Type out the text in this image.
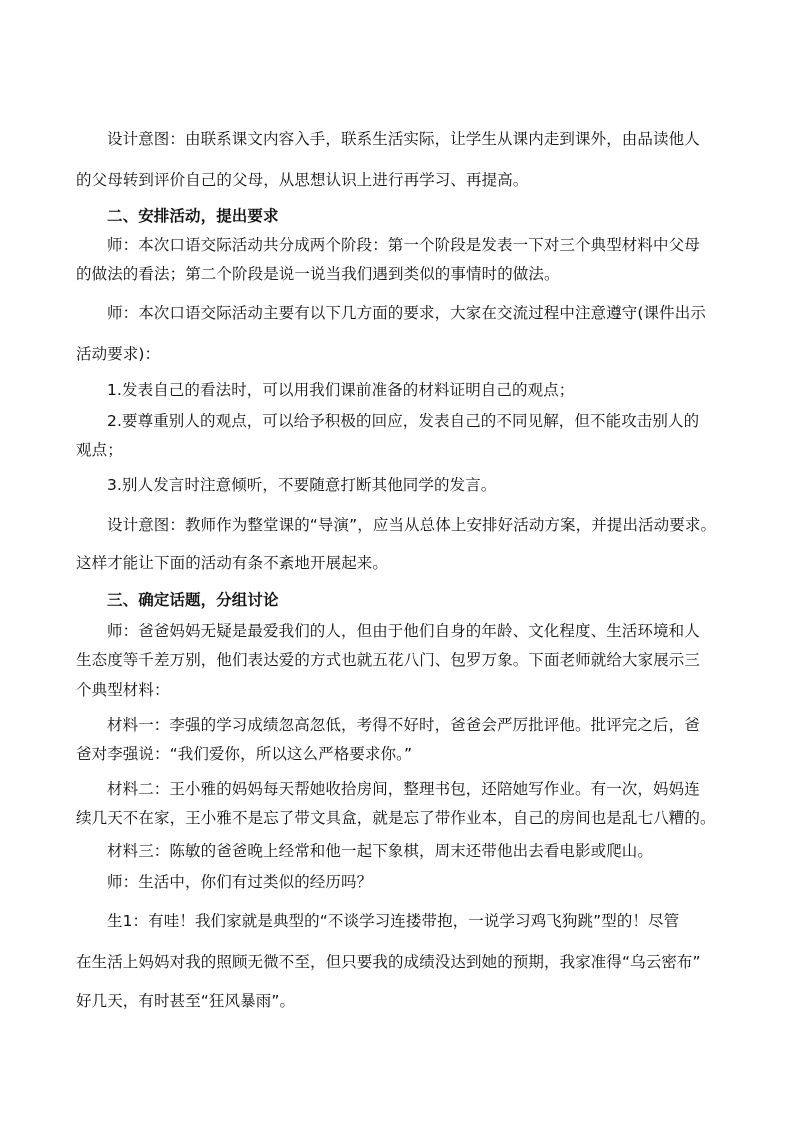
设计意图：由联系课文内容入手，联系生活实际，让学生从课内走到课外，由品读他人
的父母转到评价自己的父母，从思想认识上进行再学习、再提高。
二、安排活动，提出要求
师：本次口语交际活动共分成两个阶段：第一个阶段是发表一下对三个典型材料中父母
的做法的看法；第二个阶段是说一说当我们遇到类似的事情时的做法。
师：本次口语交际活动主要有以下几方面的要求，大家在交流过程中注意遵守(课件出示
活动要求)：
1.发表自己的看法时，可以用我们课前准备的材料证明自己的观点；
2.要尊重别人的观点，可以给予积极的回应，发表自己的不同见解，但不能攻击别人的
观点；
3.别人发言时注意倾听，不要随意打断其他同学的发言。
设计意图：教师作为整堂课的“导演”，应当从总体上安排好活动方案，并提出活动要求。
这样才能让下面的活动有条不紊地开展起来。
三、确定话题，分组讨论
师：爸爸妈妈无疑是最爱我们的人，但由于他们自身的年龄、文化程度、生活环境和人
生态度等千差万别，他们表达爱的方式也就五花八门、包罗万象。下面老师就给大家展示三
个典型材料：
材料一：李强的学习成绩忽高忽低，考得不好时，爸爸会严厉批评他。批评完之后，爸
爸对李强说：“我们爱你，所以这么严格要求你。”
材料二：王小雅的妈妈每天帮她收拾房间，整理书包，还陪她写作业。有一次，妈妈连
续几天不在家，王小雅不是忘了带文具盒，就是忘了带作业本，自己的房间也是乱七八糟的。
材料三：陈敏的爸爸晚上经常和他一起下象棋，周末还带他出去看电影或爬山。
师：生活中，你们有过类似的经历吗？
生1：有哇！我们家就是典型的“不谈学习连搂带抱，一说学习鸡飞狗跳”型的！尽管
在生活上妈妈对我的照顾无微不至，但只要我的成绩没达到她的预期，我家准得“乌云密布”
好几天，有时甚至“狂风暴雨”。
